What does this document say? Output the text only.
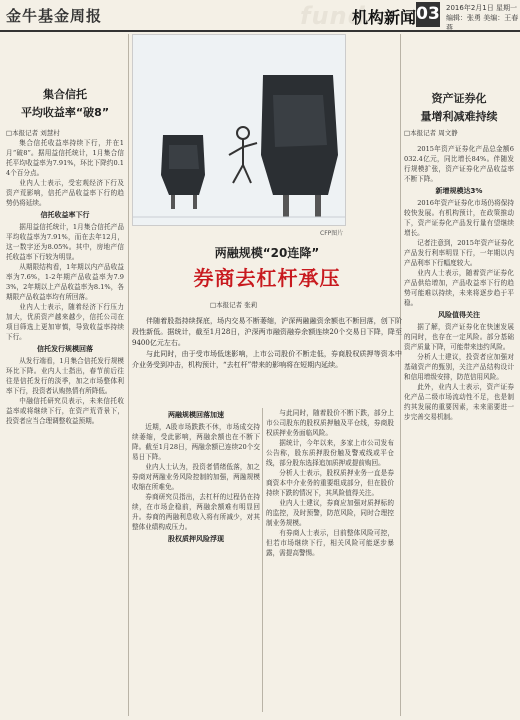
金牛基金周报	fund
机构新闻 03 2016年2月1日 星期一
编辑：张勇 美编：王春燕
集合信托
平均收益率“破8”
□本报记者 刘慧村

集合信托收益率持续下行，并在1月“破8”。据用益信托统计，1月集合信托平均收益率为7.91%，环比下降约0.14个百分点。

业内人士表示，受宏观经济下行及资产荒影响，信托产品收益率下行的趋势仍将延续。

信托收益率下行

据用益信托统计，1月集合信托产品平均收益率为7.91%，而在去年12月，这一数字还为8.05%。其中，房地产信托收益率下行较为明显。

从期限结构看，1年期以内产品收益率为7.6%，1-2年期产品收益率为7.93%，2年期以上产品收益率为8.1%，各期限产品收益率均有所回落。

业内人士表示，随着经济下行压力加大，优质资产越来越少，信托公司在项目筛选上更加审慎，导致收益率持续下行。

信托发行规模回落

从发行端看，1月集合信托发行规模环比下降。业内人士指出，春节前后往往是信托发行的淡季，加之市场整体利率下行，投资者认购热情有所降低。

中融信托研究员表示，未来信托收益率或将继续下行，在资产荒背景下，投资者应当合理调整收益预期。

CFP图片
两融规模“20连降”
券商去杠杆承压
□本报记者 张莉

伴随着股指持续探底，场内交易不断萎缩，沪深两融融资余额也不断回落，创下阶段性新低。据统计，截至1月28日，沪深两市融资融券余额连续20个交易日下降，降至9400亿元左右。

与此同时，由于受市场低迷影响，上市公司股价不断走低，券商股权质押等资本中介业务受到冲击，机构预计，“去杠杆”带来的影响将在短期内延续。

两融规模回落加速

近期，A股市场跌跌不休，市场成交持续萎缩，受此影响，两融余额也在不断下降。截至1月28日，两融余额已连续20个交易日下降。

业内人士认为，投资者情绪低落，加之券商对两融业务风险控制的加强，两融规模收缩在所难免。

券商研究员指出，去杠杆的过程仍在持续，在市场企稳前，两融余额难有明显回升。券商的两融利息收入将有所减少，对其整体业绩构成压力。

股权质押风险浮现

与此同时，随着股价不断下跌，部分上市公司股东的股权质押触及平仓线，券商股权质押业务面临风险。

据统计，今年以来，多家上市公司发布公告称，股东质押股份触及警戒线或平仓线，部分股东选择追加质押或提前购回。

分析人士表示，股权质押业务一直是券商资本中介业务的重要组成部分，但在股价持续下跌的情况下，其风险值得关注。

业内人士建议，券商应加强对质押标的的监控，及时预警，防范风险，同时合理控制业务规模。

有券商人士表示，目前整体风险可控，但若市场继续下行，相关风险可能逐步暴露，需提高警惕。

资产证券化
量增利减难持续
□本报记者 周文静

2015年资产证券化产品总金额6032.4亿元，同比增长84%。伴随发行规模扩张，资产证券化产品收益率不断下降。

新增规模达3%

2016年资产证券化市场仍将保持较快发展。有机构预计，在政策推动下，资产证券化产品发行量有望继续增长。

记者注意到，2015年资产证券化产品发行利率明显下行，一年期以内产品利率下行幅度较大。

业内人士表示，随着资产证券化产品供给增加，产品收益率下行的趋势可能难以持续，未来将逐步趋于平稳。

风险值得关注

据了解，资产证券化在快速发展的同时，也存在一定风险。部分基础资产质量下降，可能带来违约风险。

分析人士建议，投资者应加强对基础资产的甄别，关注产品结构设计和信用增级安排，防范信用风险。

此外，业内人士表示，资产证券化产品二级市场流动性不足，也是制约其发展的重要因素，未来需要进一步完善交易机制。
